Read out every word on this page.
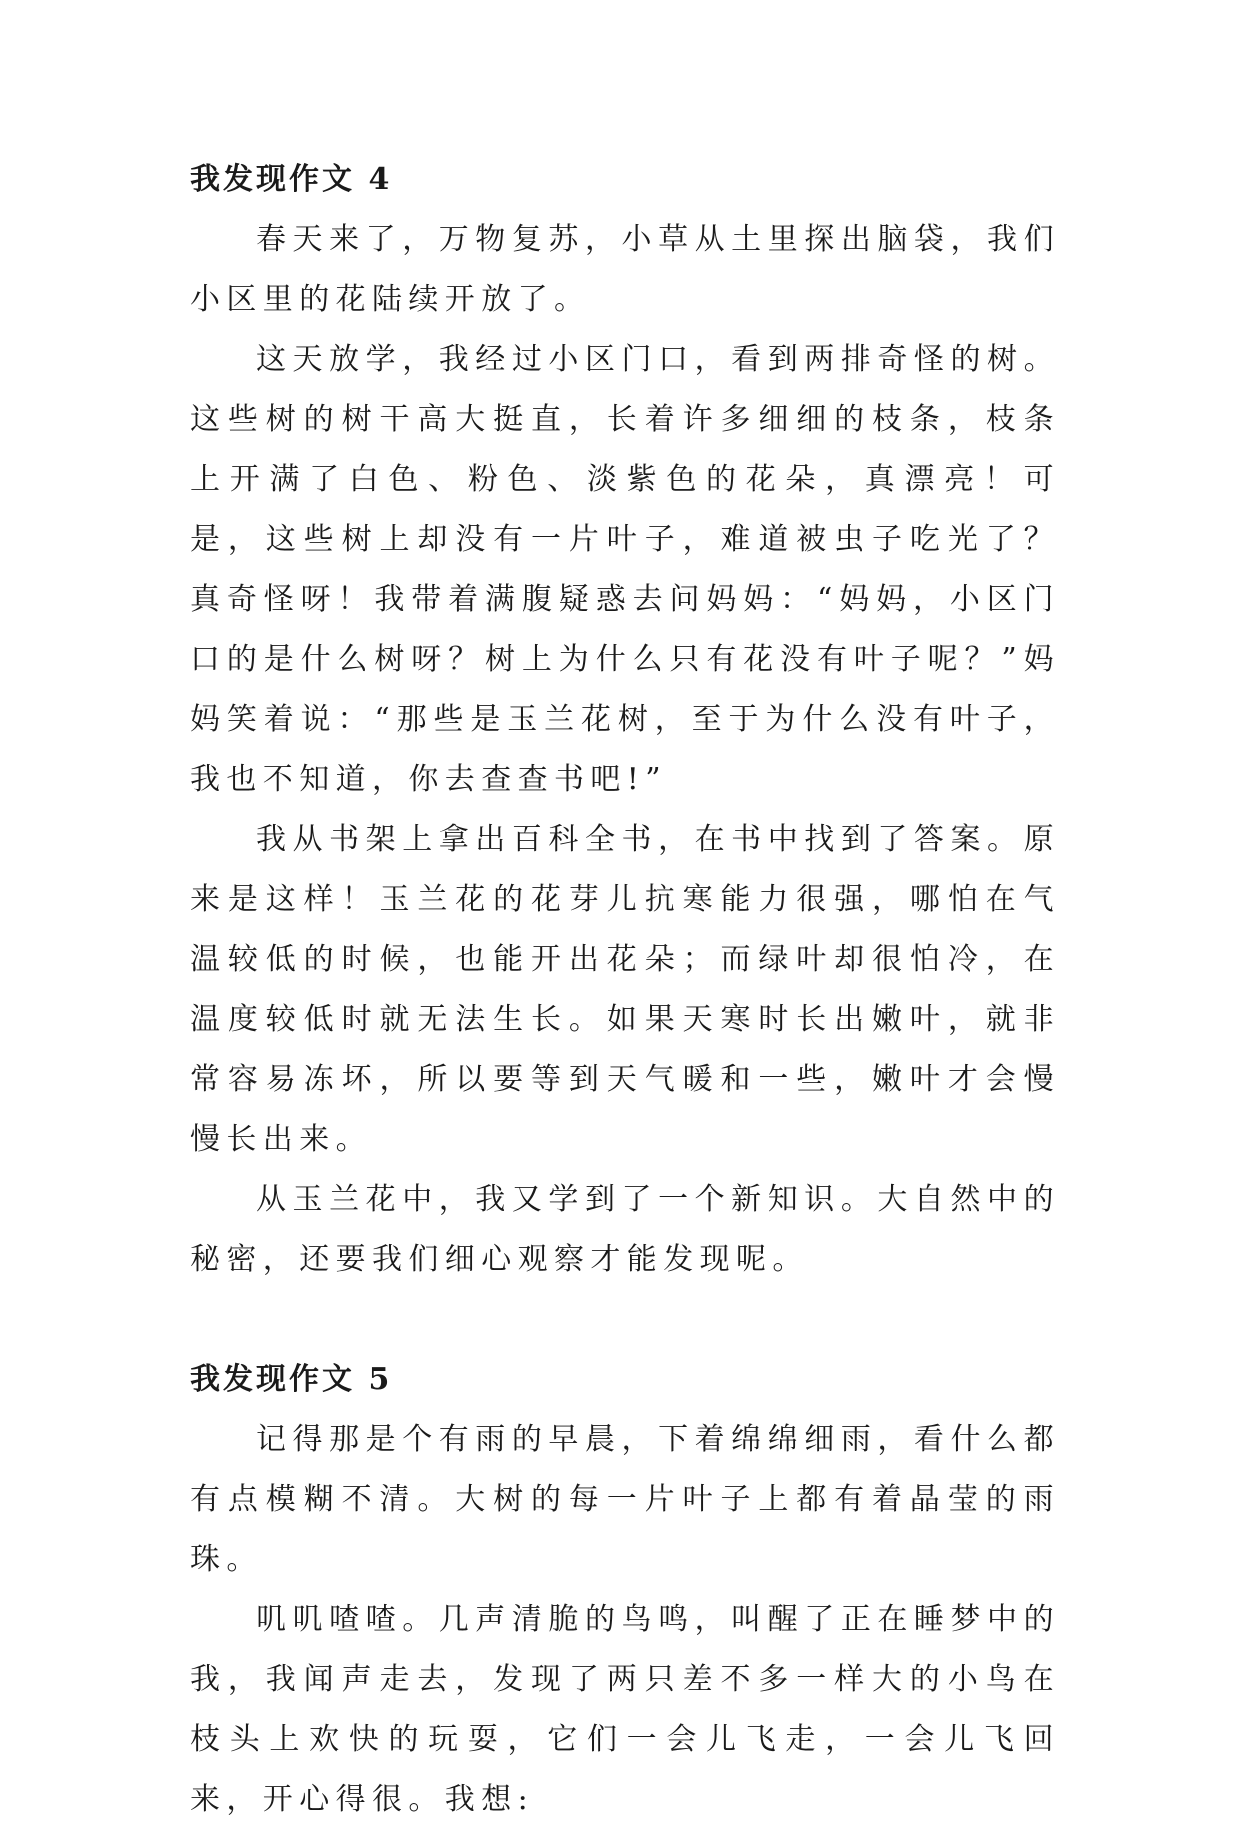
我发现作文 4

春天来了，万物复苏，小草从土里探出脑袋，我们小区里的花陆续开放了。

这天放学，我经过小区门口，看到两排奇怪的树。这些树的树干高大挺直，长着许多细细的枝条，枝条上开满了白色、粉色、淡紫色的花朵，真漂亮！可是，这些树上却没有一片叶子，难道被虫子吃光了？真奇怪呀！我带着满腹疑惑去问妈妈：“妈妈，小区门口的是什么树呀？树上为什么只有花没有叶子呢？”妈妈笑着说：“那些是玉兰花树，至于为什么没有叶子，我也不知道，你去查查书吧!”

我从书架上拿出百科全书，在书中找到了答案。原来是这样！玉兰花的花芽儿抗寒能力很强，哪怕在气温较低的时候，也能开出花朵；而绿叶却很怕冷，在温度较低时就无法生长。如果天寒时长出嫩叶，就非常容易冻坏，所以要等到天气暖和一些，嫩叶才会慢慢长出来。

从玉兰花中，我又学到了一个新知识。大自然中的秘密，还要我们细心观察才能发现呢。

我发现作文 5

记得那是个有雨的早晨，下着绵绵细雨，看什么都有点模糊不清。大树的每一片叶子上都有着晶莹的雨珠。

叽叽喳喳。几声清脆的鸟鸣，叫醒了正在睡梦中的我，我闻声走去，发现了两只差不多一样大的小鸟在枝头上欢快的玩耍，它们一会儿飞走，一会儿飞回来，开心得很。我想:
